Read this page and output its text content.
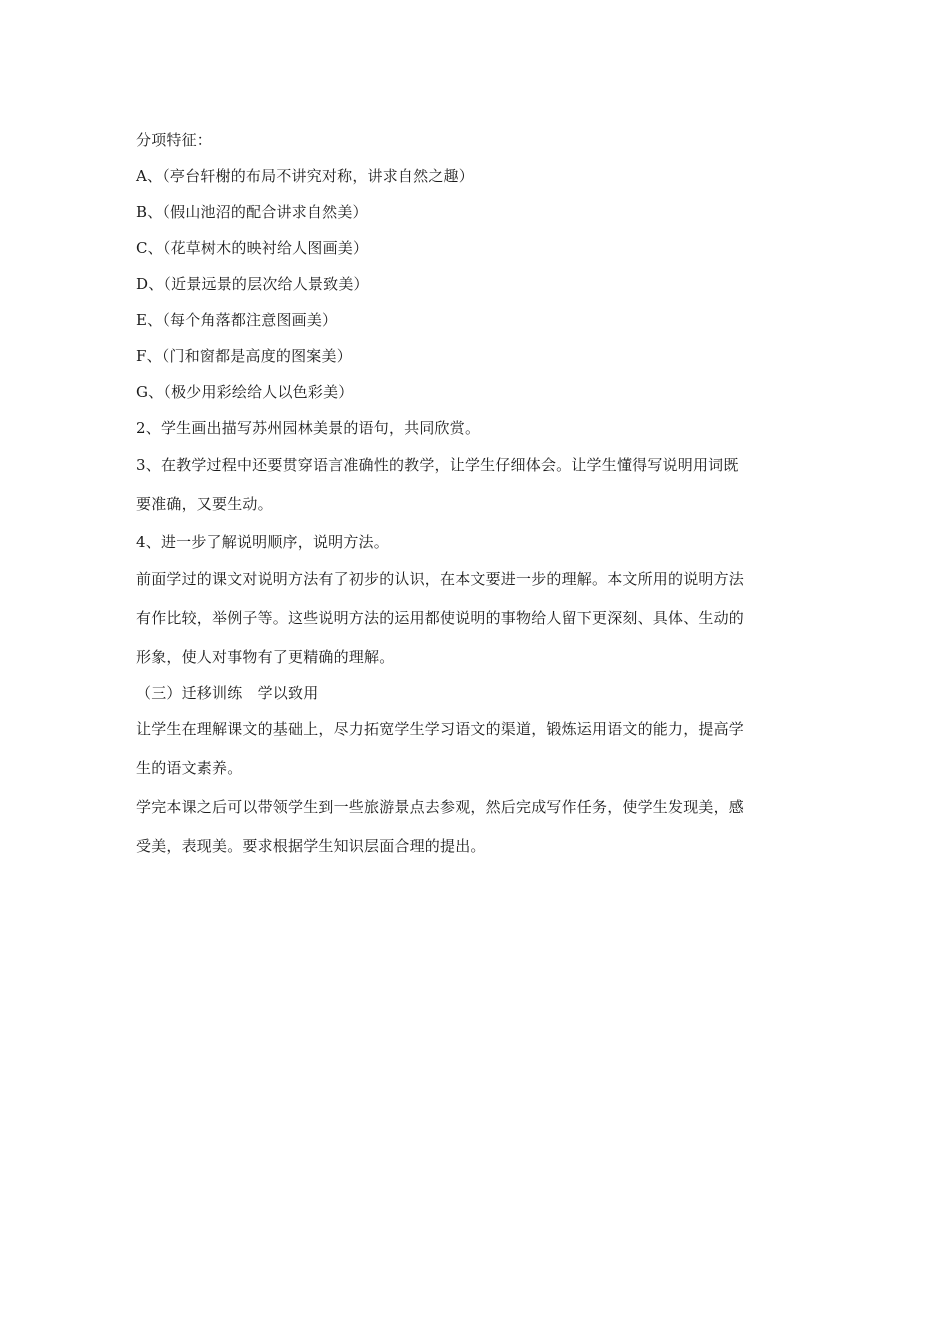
分项特征：
A、（亭台轩榭的布局不讲究对称，讲求自然之趣）
B、（假山池沼的配合讲求自然美）
C、（花草树木的映衬给人图画美）
D、（近景远景的层次给人景致美）
E、（每个角落都注意图画美）
F、（门和窗都是高度的图案美）
G、（极少用彩绘给人以色彩美）
2、学生画出描写苏州园林美景的语句，共同欣赏。
3、在教学过程中还要贯穿语言准确性的教学，让学生仔细体会。让学生懂得写说明用词既
要准确，又要生动。
4、进一步了解说明顺序，说明方法。
前面学过的课文对说明方法有了初步的认识，在本文要进一步的理解。本文所用的说明方法
有作比较，举例子等。这些说明方法的运用都使说明的事物给人留下更深刻、具体、生动的
形象，使人对事物有了更精确的理解。
（三）迁移训练　学以致用
让学生在理解课文的基础上，尽力拓宽学生学习语文的渠道，锻炼运用语文的能力，提高学
生的语文素养。
学完本课之后可以带领学生到一些旅游景点去参观，然后完成写作任务，使学生发现美，感
受美，表现美。要求根据学生知识层面合理的提出。
